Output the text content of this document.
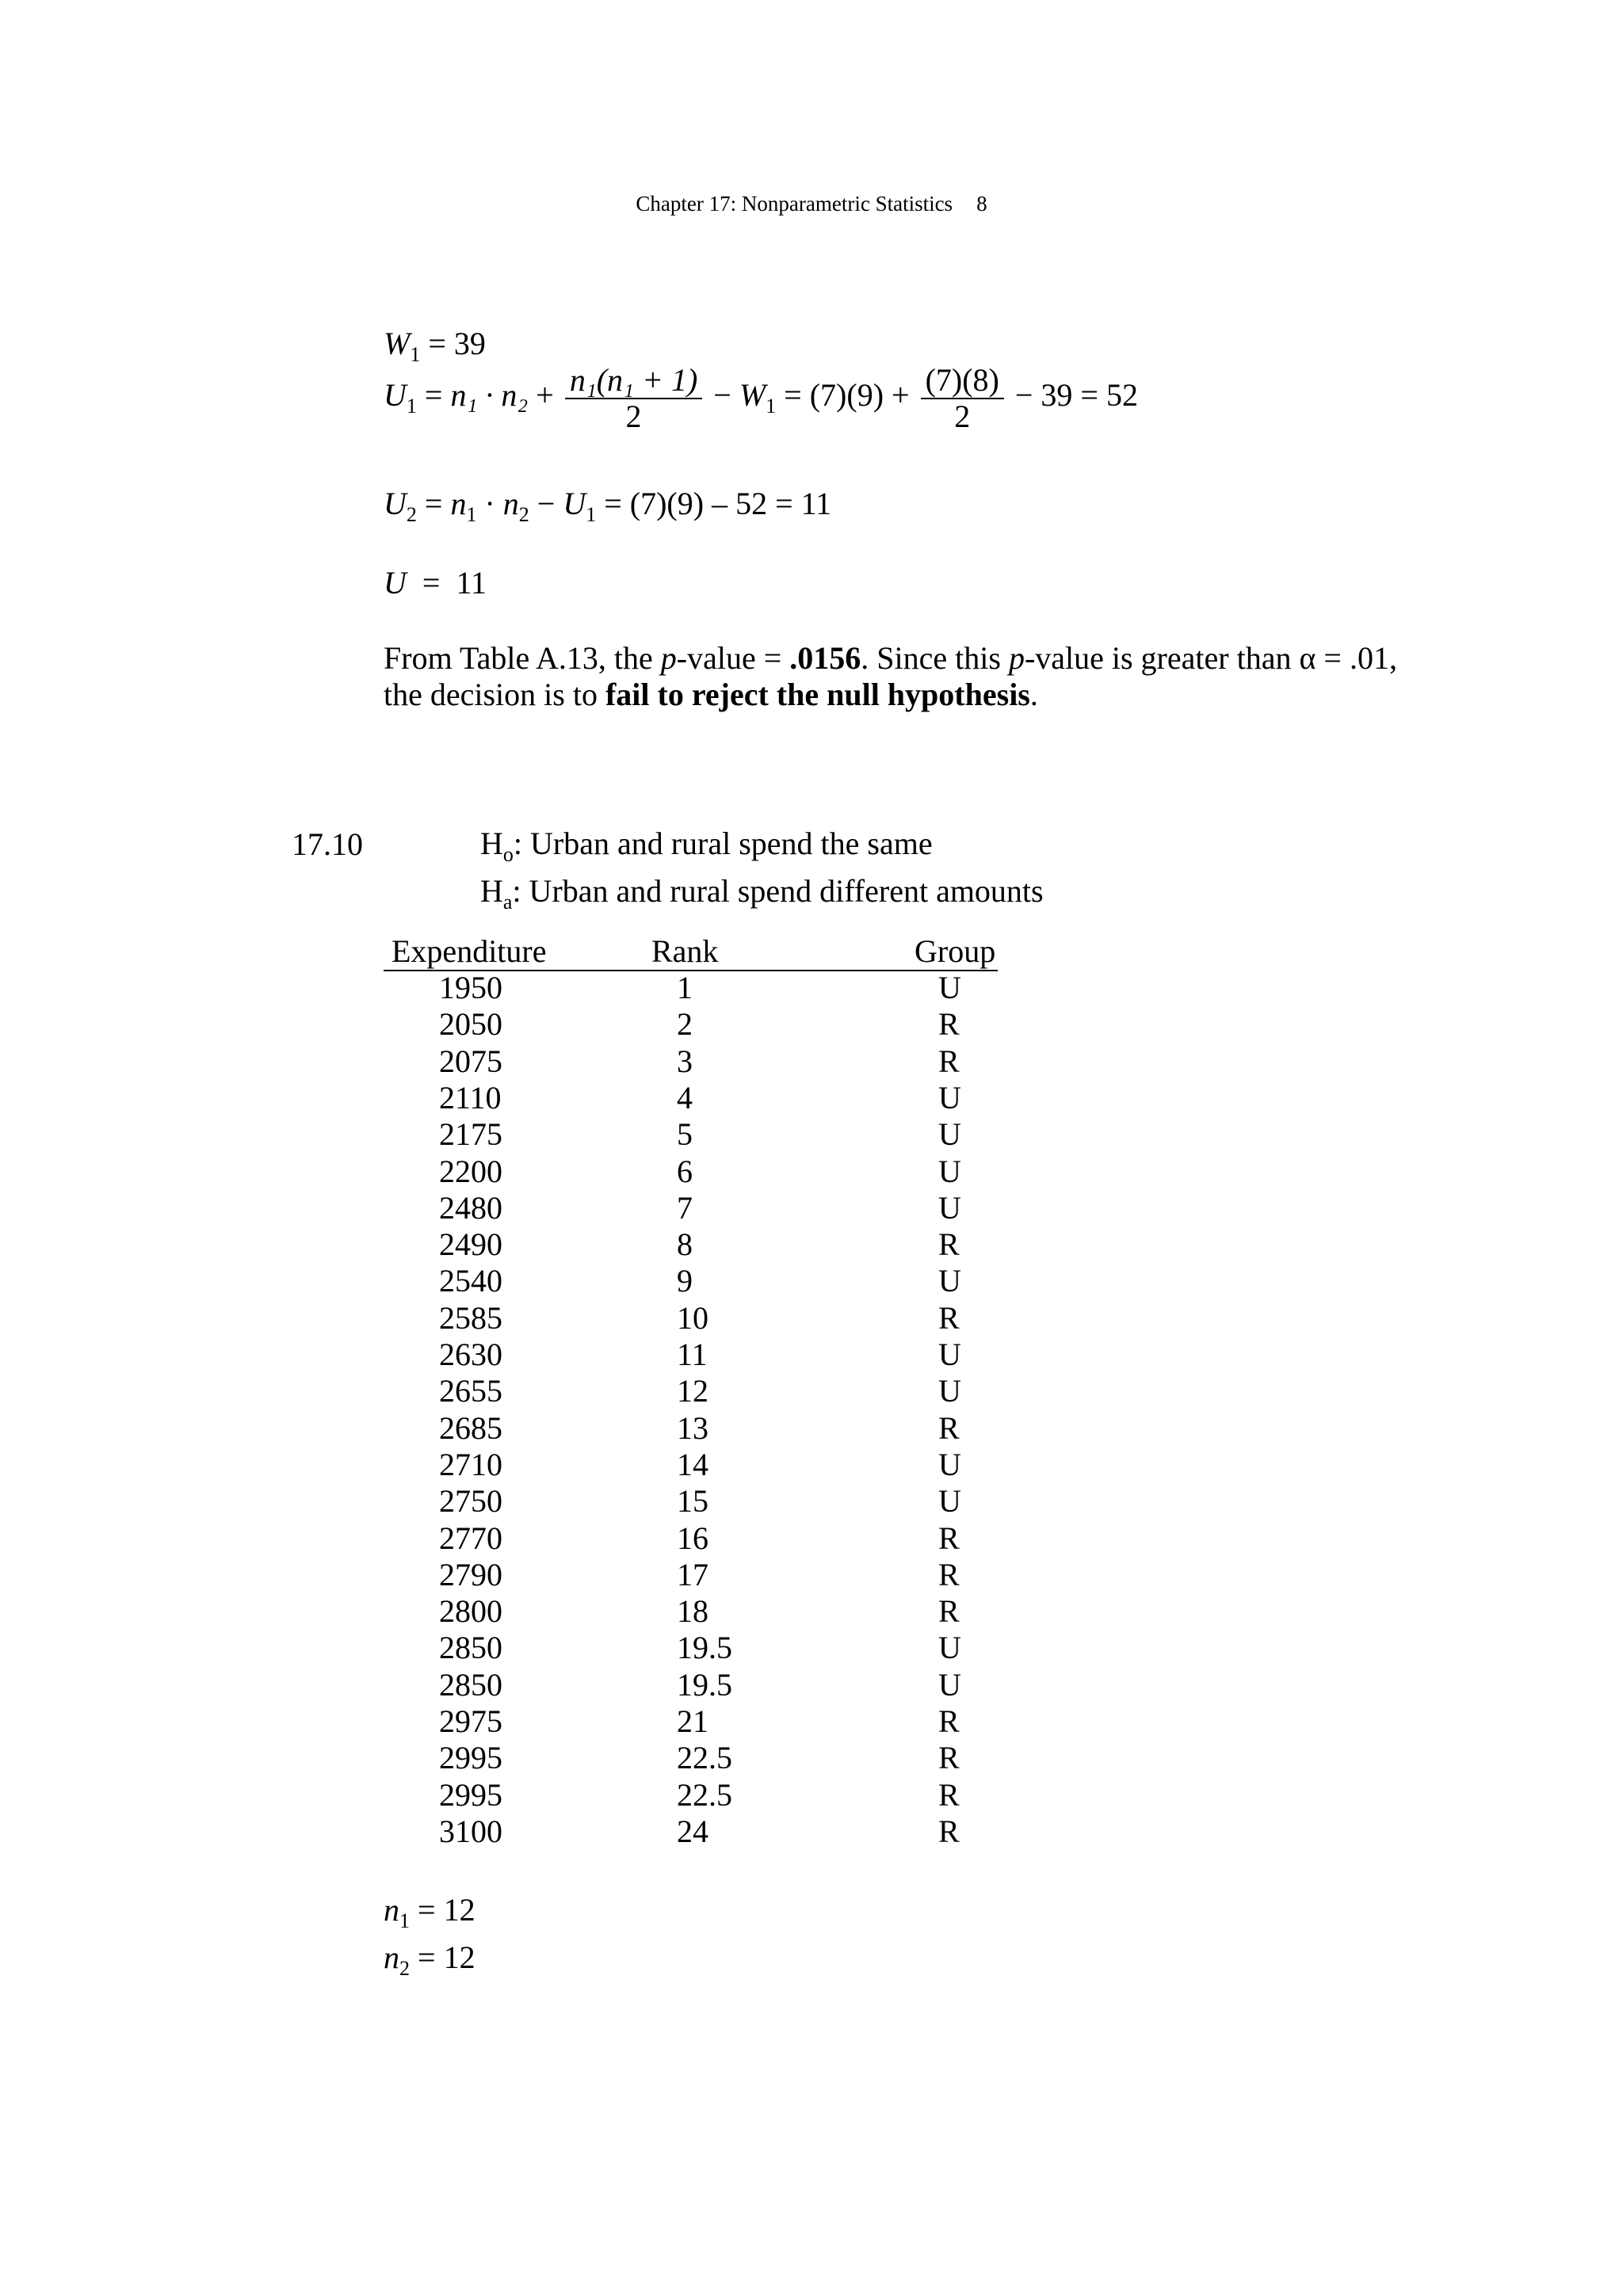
Chapter 17: Nonparametric Statistics 8
$W_1 = 39$
$U_1 = n_1 \cdot n_2 + \frac{\text{n₁(n₁ + 1)}}{2} - W_1 = (7)(9) + \frac{(7)(8)}{2} - 39 = 52$
$U_2 = n_1 \cdot n_2 - U_1 = (7)(9) - 52 = 11$
U  =  11
From Table A.13, the p-value = .0156. Since this p-value is greater than α = .01,
the decision is to fail to reject the null hypothesis.
17.10	$H_o$: Urban and rural spend the same
$H_a$: Urban and rural spend different amounts
Expenditure	Rank	Group
1950	1	U
2050	2	R
2075	3	R
2110	4	U
2175	5	U
2200	6	U
2480	7	U
2490	8	R
2540	9	U
2585	10	R
2630	11	U
2655	12	U
2685	13	R
2710	14	U
2750	15	U
2770	16	R
2790	17	R
2800	18	R
2850	19.5	U
2850	19.5	U
2975	21	R
2995	22.5	R
2995	22.5	R
3100	24	R
$n_1 = 12$
$n_2 = 12$
